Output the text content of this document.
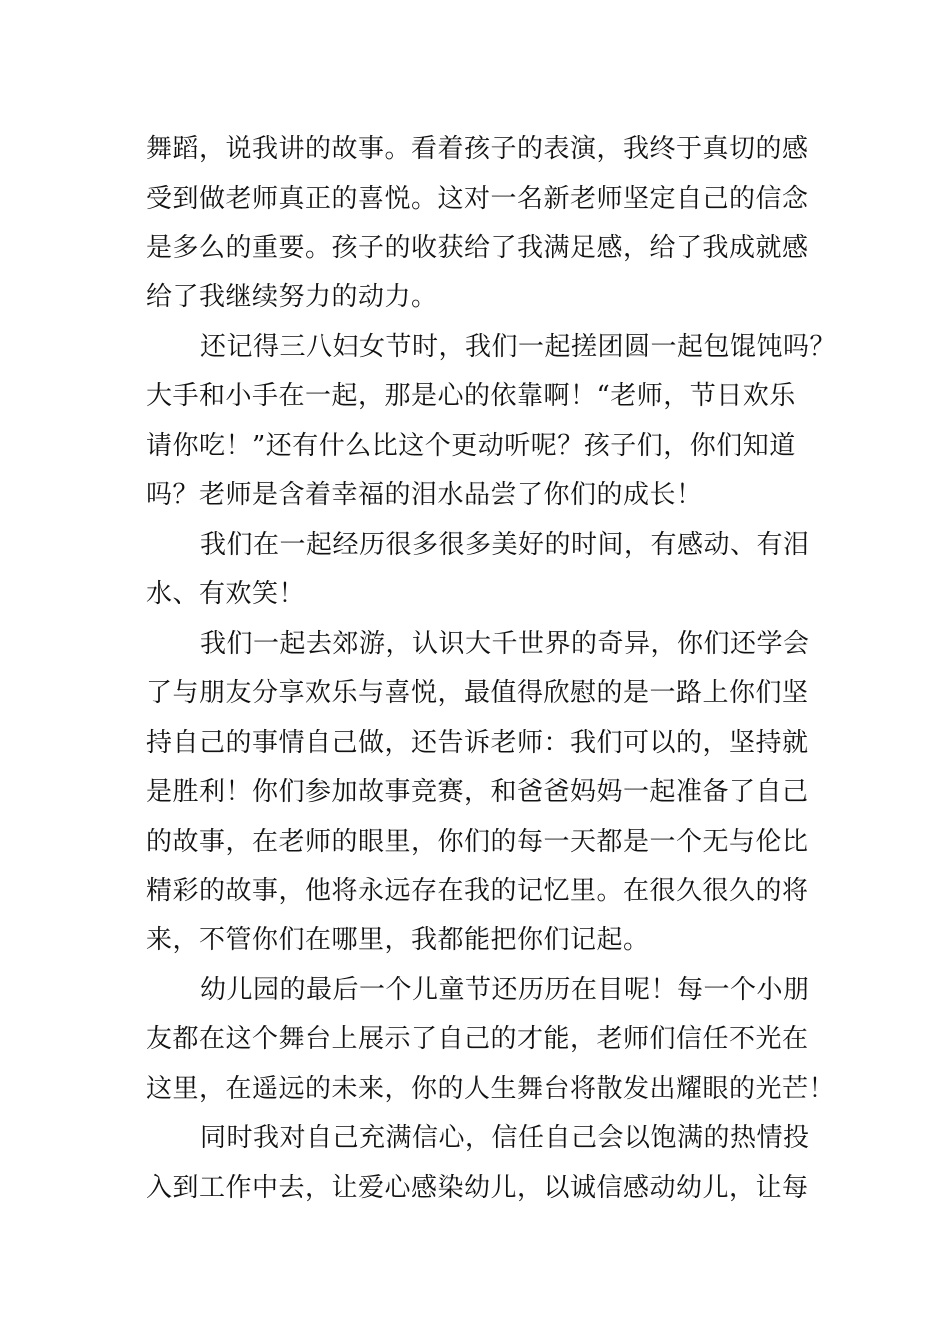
舞蹈，说我讲的故事。看着孩子的表演，我终于真切的感
受到做老师真正的喜悦。这对一名新老师坚定自己的信念
是多么的重要。孩子的收获给了我满足感，给了我成就感
给了我继续努力的动力。
还记得三八妇女节时，我们一起搓团圆一起包馄饨吗？
大手和小手在一起，那是心的依靠啊！“老师，节日欢乐
请你吃！”还有什么比这个更动听呢？孩子们，你们知道
吗？老师是含着幸福的泪水品尝了你们的成长！
我们在一起经历很多很多美好的时间，有感动、有泪
水、有欢笑！
我们一起去郊游，认识大千世界的奇异，你们还学会
了与朋友分享欢乐与喜悦，最值得欣慰的是一路上你们坚
持自己的事情自己做，还告诉老师：我们可以的，坚持就
是胜利！你们参加故事竞赛，和爸爸妈妈一起准备了自己
的故事，在老师的眼里，你们的每一天都是一个无与伦比
精彩的故事，他将永远存在我的记忆里。在很久很久的将
来，不管你们在哪里，我都能把你们记起。
幼儿园的最后一个儿童节还历历在目呢！每一个小朋
友都在这个舞台上展示了自己的才能，老师们信任不光在
这里，在遥远的未来，你的人生舞台将散发出耀眼的光芒！
同时我对自己充满信心，信任自己会以饱满的热情投
入到工作中去，让爱心感染幼儿，以诚信感动幼儿，让每
